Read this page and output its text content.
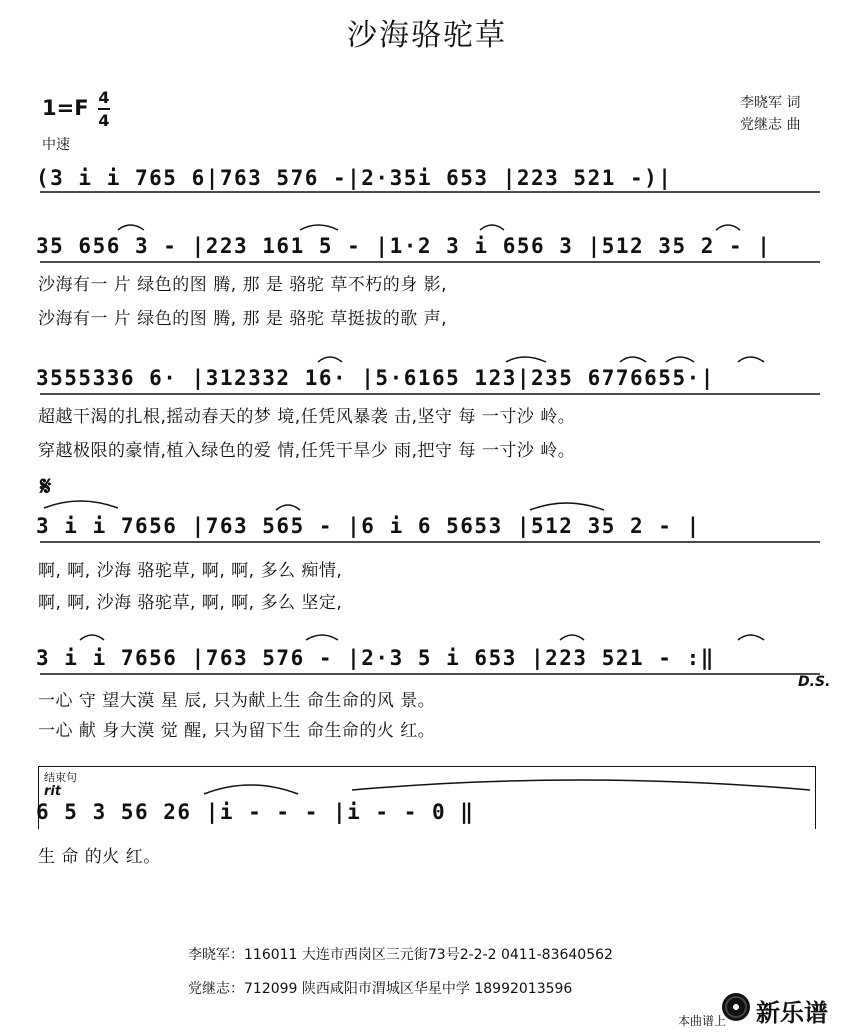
沙海骆驼草
1=F 4
4
中速
李晓军 词
党继志 曲
(3 i i 765 6|763 576 -|2·35i 653 |223 521 -)|
35 656 3 - |223 161 5 - |1·2 3 i 656 3 |512 35 2 - |
沙海有一 片 绿色的图 腾, 那 是 骆驼 草不朽的身 影,
沙海有一 片 绿色的图 腾, 那 是 骆驼 草挺拔的歌 声,
3555336 6· |312332 16· |5·6165 123|235 6776655·|
超越干渴的扎根,摇动春天的梦 境,任凭风暴袭 击,坚守 每 一寸沙 岭。
穿越极限的豪情,植入绿色的爱 情,任凭干旱少 雨,把守 每 一寸沙 岭。
𝄋
3 i i 7656 |763 565 - |6 i 6 5653 |512 35 2 - |
啊, 啊, 沙海 骆驼草, 啊, 啊, 多么 痴情,
啊, 啊, 沙海 骆驼草, 啊, 啊, 多么 坚定,
3 i i 7656 |763 576 - |2·3 5 i 653 |223 521 - :‖
D.S.
一心 守 望大漠 星 辰, 只为献上生 命生命的风 景。
一心 献 身大漠 觉 醒, 只为留下生 命生命的火 红。
结束句
rit
6 5 3 56 26 |i - - - |i - - 0 ‖
生 命 的火 红。
李晓军：116011 大连市西岗区三元街73号2-2-2 0411-83640562
党继志：712099 陕西咸阳市渭城区华星中学 18992013596
本曲谱上 新乐谱
